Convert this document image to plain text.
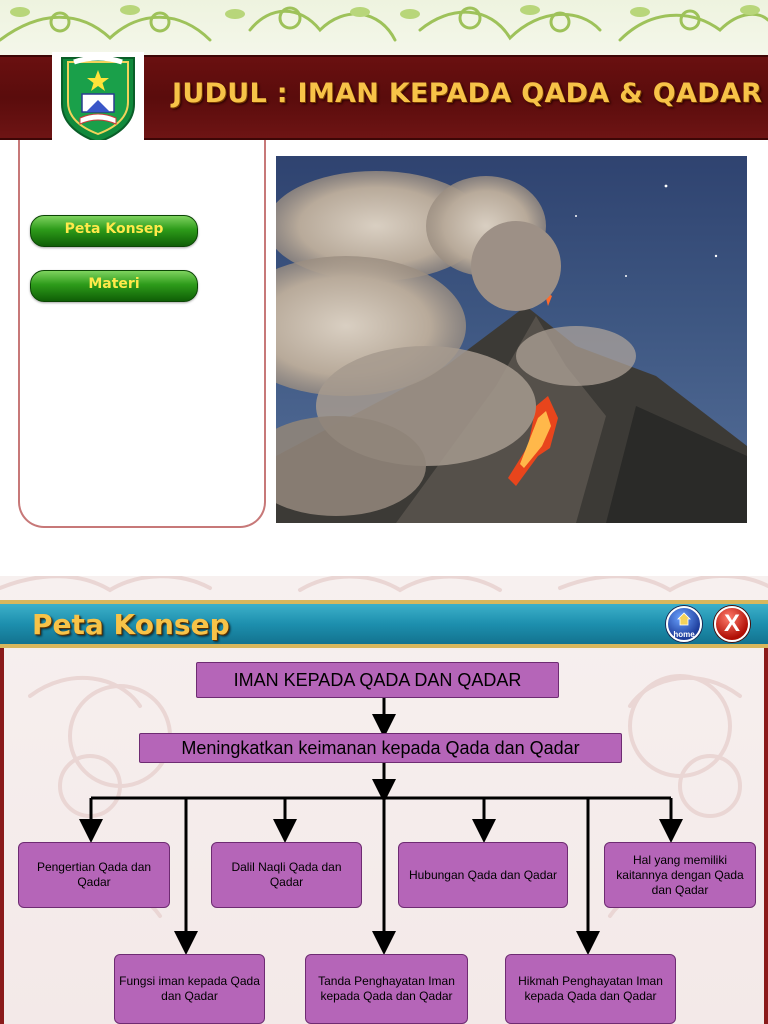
JUDUL : IMAN KEPADA QADA & QADAR
Peta Konsep
Materi
Peta Konsep	home	X
IMAN KEPADA QADA DAN QADAR
Meningkatkan keimanan kepada Qada dan Qadar
Pengertian Qada dan Qadar
Dalil Naqli Qada dan Qadar
Hubungan Qada dan Qadar
Hal yang memiliki kaitannya dengan Qada dan Qadar
Fungsi iman kepada Qada dan Qadar
Tanda Penghayatan Iman kepada Qada dan Qadar
Hikmah Penghayatan Iman kepada Qada dan Qadar
